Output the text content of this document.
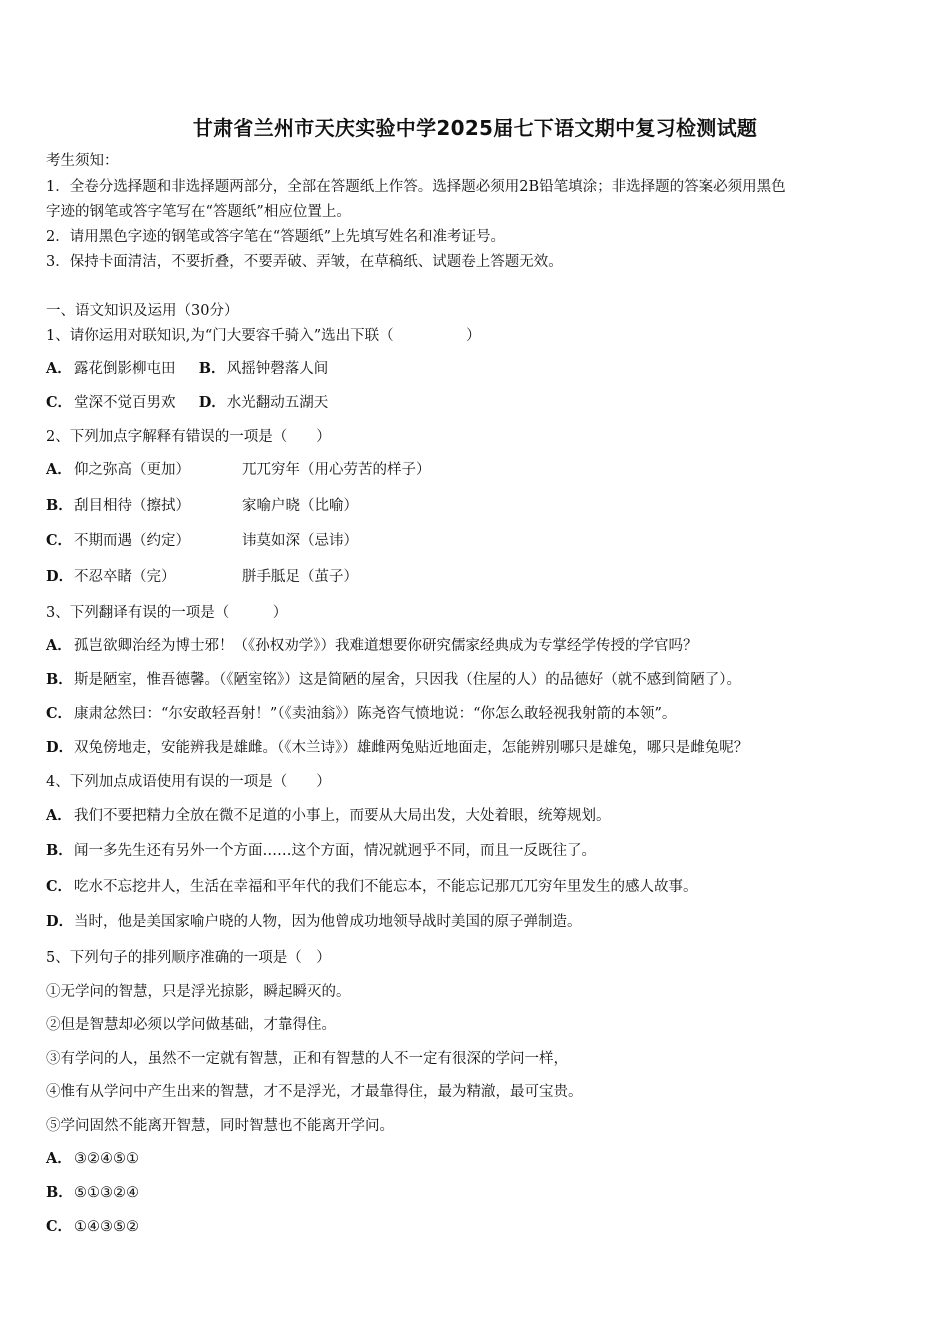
甘肃省兰州市天庆实验中学2025届七下语文期中复习检测试题
考生须知：
1．全卷分选择题和非选择题两部分，全部在答题纸上作答。选择题必须用2B铅笔填涂；非选择题的答案必须用黑色
字迹的钢笔或答字笔写在“答题纸”相应位置上。
2．请用黑色字迹的钢笔或答字笔在“答题纸”上先填写姓名和准考证号。
3．保持卡面清洁，不要折叠，不要弄破、弄皱，在草稿纸、试题卷上答题无效。
一、语文知识及运用（30分）
1、请你运用对联知识,为“门大要容千骑入”选出下联（　　　　　）
A． 露花倒影柳屯田 B．风摇钟磬落人间
C． 堂深不觉百男欢 D．水光翻动五湖天
2、下列加点字解释有错误的一项是（　　）
A． 仰之弥高（更加）	兀兀穷年（用心劳苦的样子）
B．刮目相待（擦拭）	家喻户晓（比喻）
C． 不期而遇（约定）	讳莫如深（忌讳）
D．不忍卒睹（完）	胼手胝足（茧子）
3、下列翻译有误的一项是（　　　）
A． 孤岂欲卿治经为博士邪！（《孙权劝学》）我难道想要你研究儒家经典成为专掌经学传授的学官吗？
B．斯是陋室，惟吾德馨。（《陋室铭》）这是简陋的屋舍，只因我（住屋的人）的品德好（就不感到简陋了）。
C． 康肃忿然曰：“尔安敢轻吾射！”（《卖油翁》）陈尧咨气愤地说：“你怎么敢轻视我射箭的本领”。
D．双兔傍地走，安能辨我是雄雌。（《木兰诗》）雄雌两兔贴近地面走，怎能辨别哪只是雄兔，哪只是雌兔呢？
4、下列加点成语使用有误的一项是（　　）
A． 我们不要把精力全放在微不足道的小事上，而要从大局出发，大处着眼，统筹规划。
B．闻一多先生还有另外一个方面……这个方面，情况就迥乎不同，而且一反既往了。
C． 吃水不忘挖井人，生活在幸福和平年代的我们不能忘本，不能忘记那兀兀穷年里发生的感人故事。
D．当时，他是美国家喻户晓的人物，因为他曾成功地领导战时美国的原子弹制造。
5、下列句子的排列顺序准确的一项是（　）
①无学问的智慧，只是浮光掠影，瞬起瞬灭的。
②但是智慧却必须以学问做基础，才靠得住。
③有学问的人，虽然不一定就有智慧，正和有智慧的人不一定有很深的学问一样，
④惟有从学问中产生出来的智慧，才不是浮光，才最靠得住，最为精澈，最可宝贵。
⑤学问固然不能离开智慧，同时智慧也不能离开学问。
A． ③②④⑤①
B．⑤①③②④
C． ①④③⑤②
